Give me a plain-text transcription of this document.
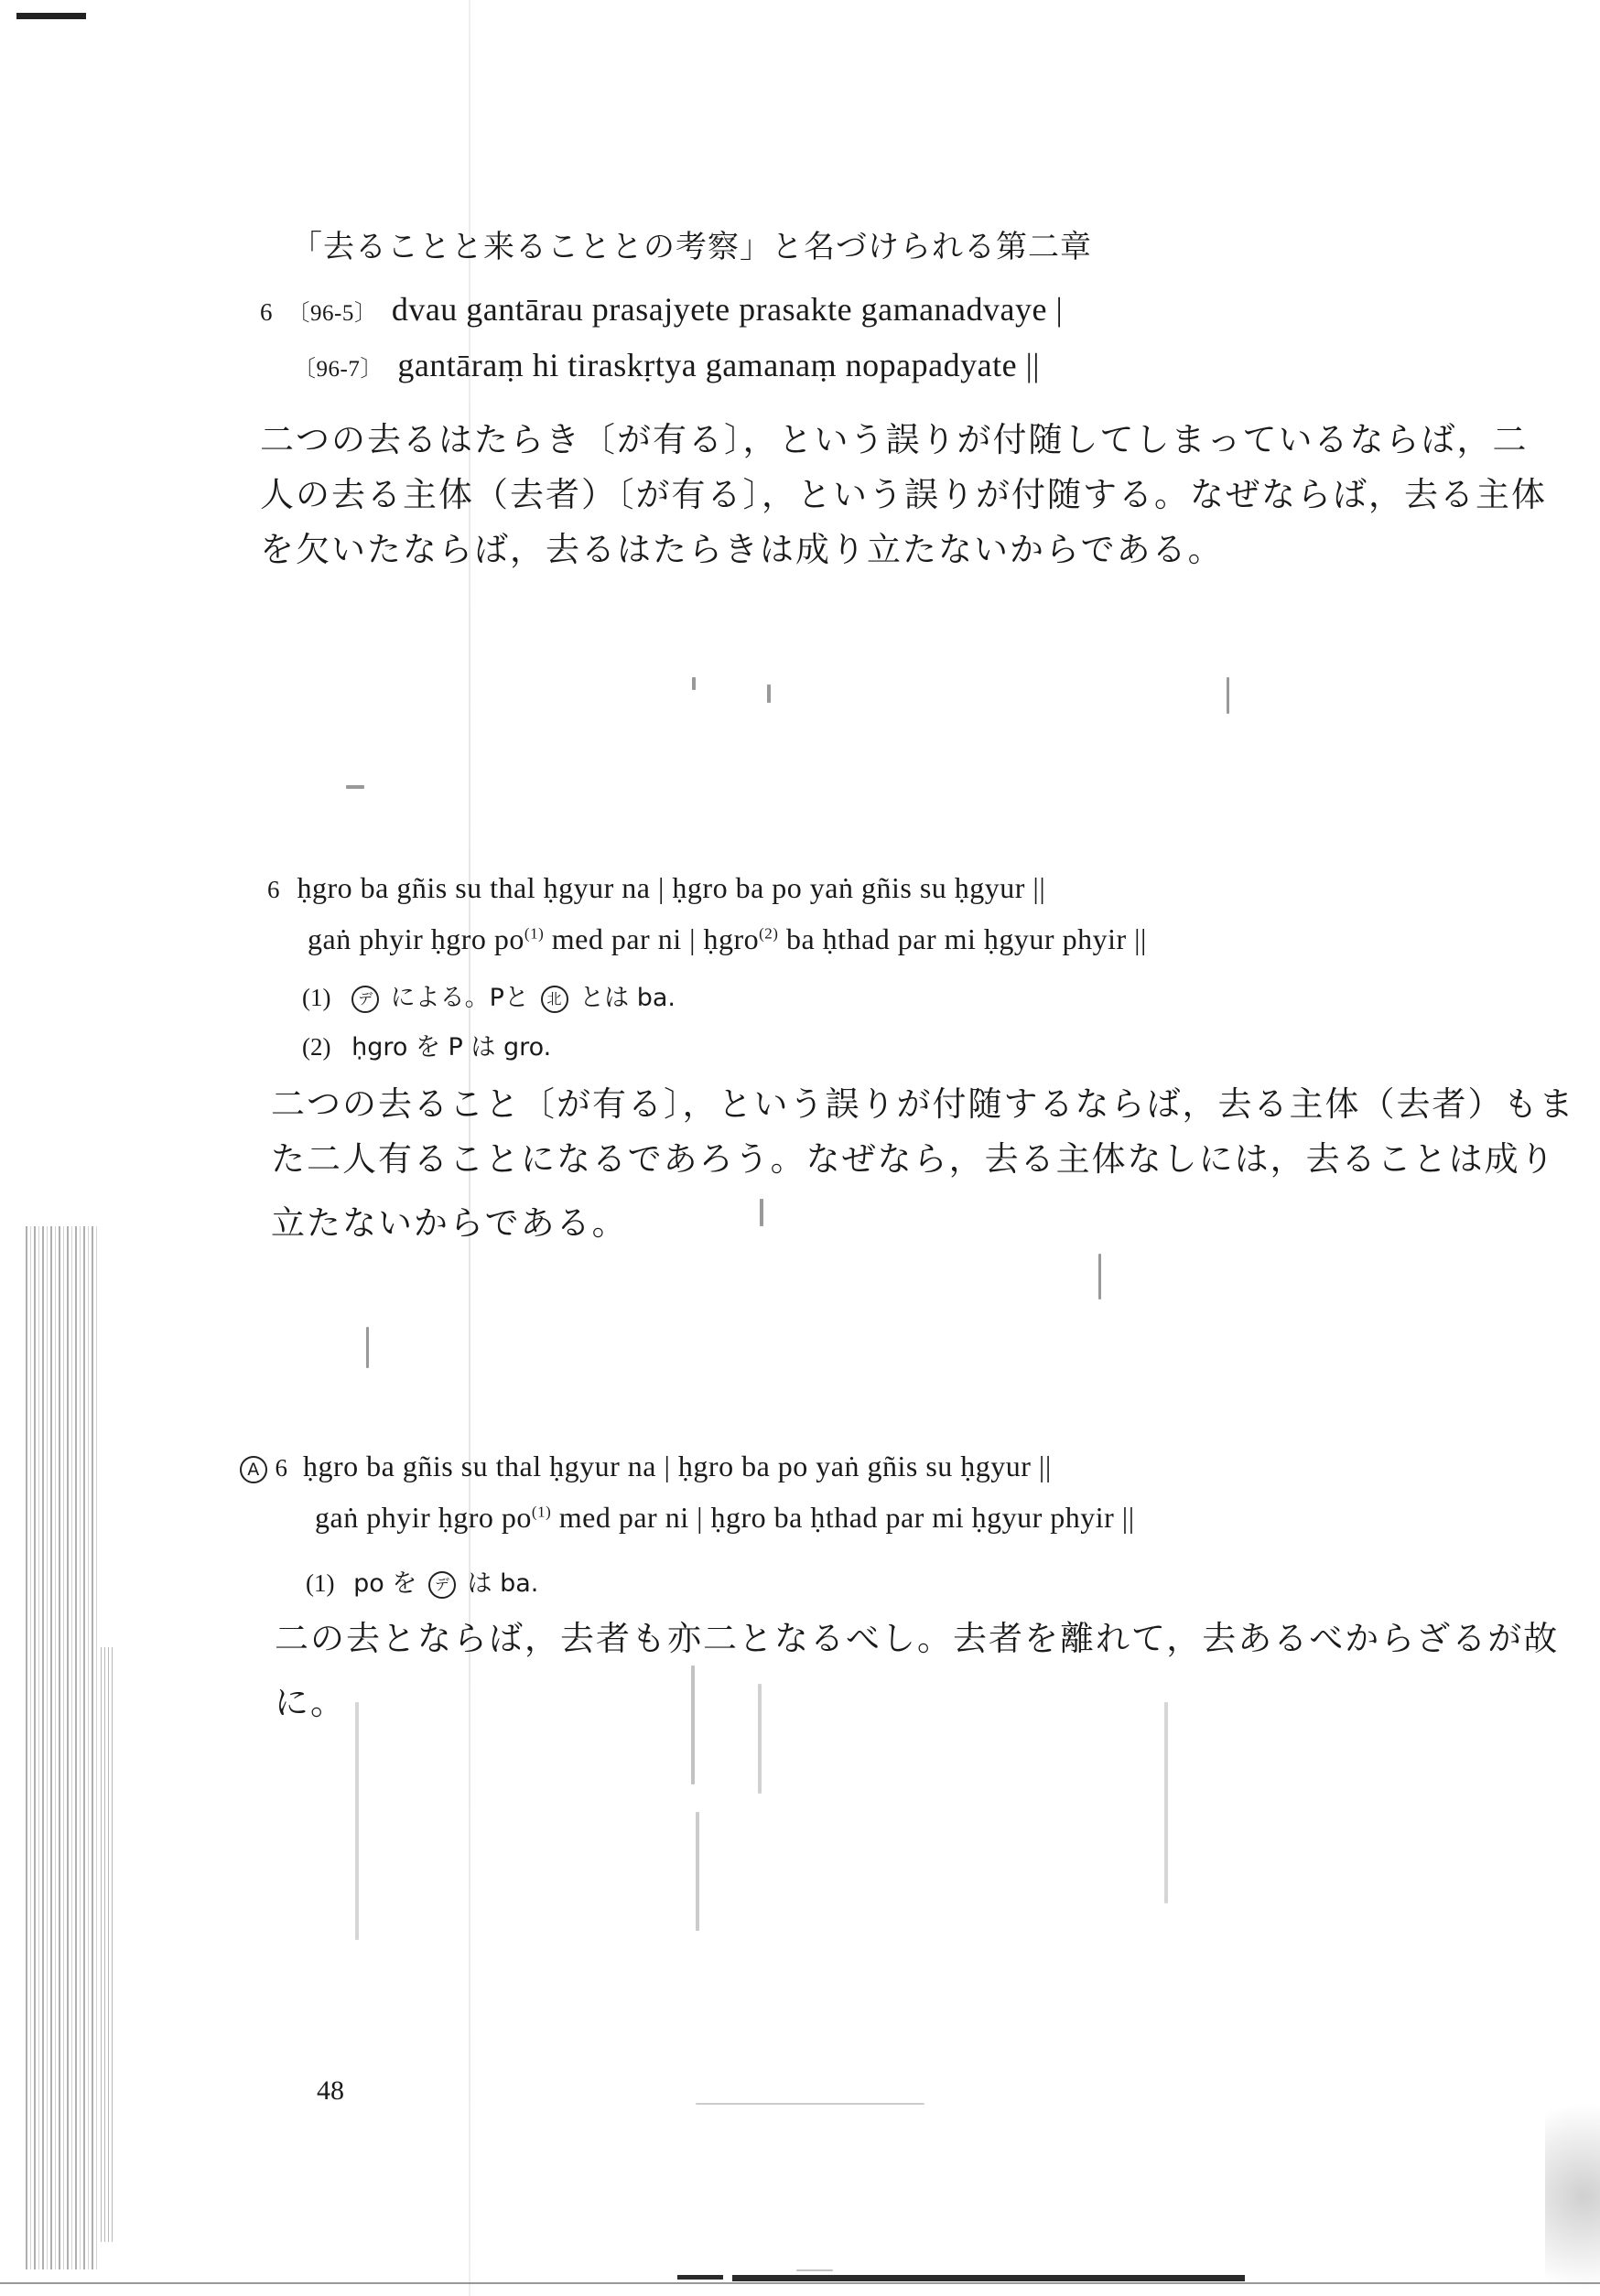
「去ることと来ることとの考察」と名づけられる第二章
6 〔96-5〕 dvau gantārau prasajyete prasakte gamanadvaye |
〔96-7〕 gantāraṃ hi tiraskṛtya gamanaṃ nopapadyate ||
二つの去るはたらき〔が有る〕，という誤りが付随してしまっているならば，二
人の去る主体（去者）〔が有る〕，という誤りが付随する。なぜならば，去る主体
を欠いたならば，去るはたらきは成り立たないからである。
6 ḥgro ba gñis su thal ḥgyur na | ḥgro ba po yaṅ gñis su ḥgyur ||
gaṅ phyir ḥgro $po^{(1)}$ med par ni | ḥgro$^{(2)}$ ba ḥthad par mi ḥgyur phyir ||
(1) デ による。Pと 北 とは ba.
(2) ḥgro を P は gro.
二つの去ること〔が有る〕，という誤りが付随するならば，去る主体（去者）もま
た二人有ることになるであろう。なぜなら，去る主体なしには，去ることは成り
立たないからである。
A 6 ḥgro ba gñis su thal ḥgyur na | ḥgro ba po yaṅ gñis su ḥgyur ||
gaṅ phyir ḥgro $po^{(1)}$ med par ni | ḥgro ba ḥthad par mi ḥgyur phyir ||
(1) po を デ は ba.
二の去とならば，去者も亦二となるべし。去者を離れて，去あるべからざるが故
に。
48
